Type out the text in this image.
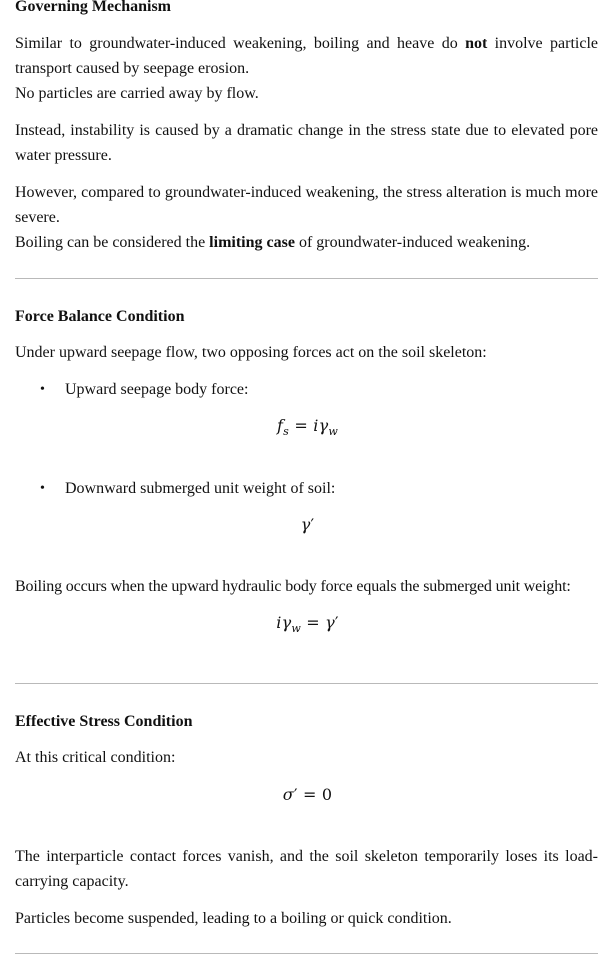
Governing Mechanism

Similar to groundwater-induced weakening, boiling and heave do not involve particle transport caused by seepage erosion.
No particles are carried away by flow.

Instead, instability is caused by a dramatic change in the stress state due to elevated pore water pressure.

However, compared to groundwater-induced weakening, the stress alteration is much more severe.
Boiling can be considered the limiting case of groundwater-induced weakening.

Force Balance Condition

Under upward seepage flow, two opposing forces act on the soil skeleton:

• Upward seepage body force:

$f_s = i\gamma_w$
• Downward submerged unit weight of soil:

γ′

Boiling occurs when the upward hydraulic body force equals the submerged unit weight:

$i\gamma_w = \gamma'$
Effective Stress Condition

At this critical condition:

σ′ = 0

The interparticle contact forces vanish, and the soil skeleton temporarily loses its load-carrying capacity.

Particles become suspended, leading to a boiling or quick condition.
